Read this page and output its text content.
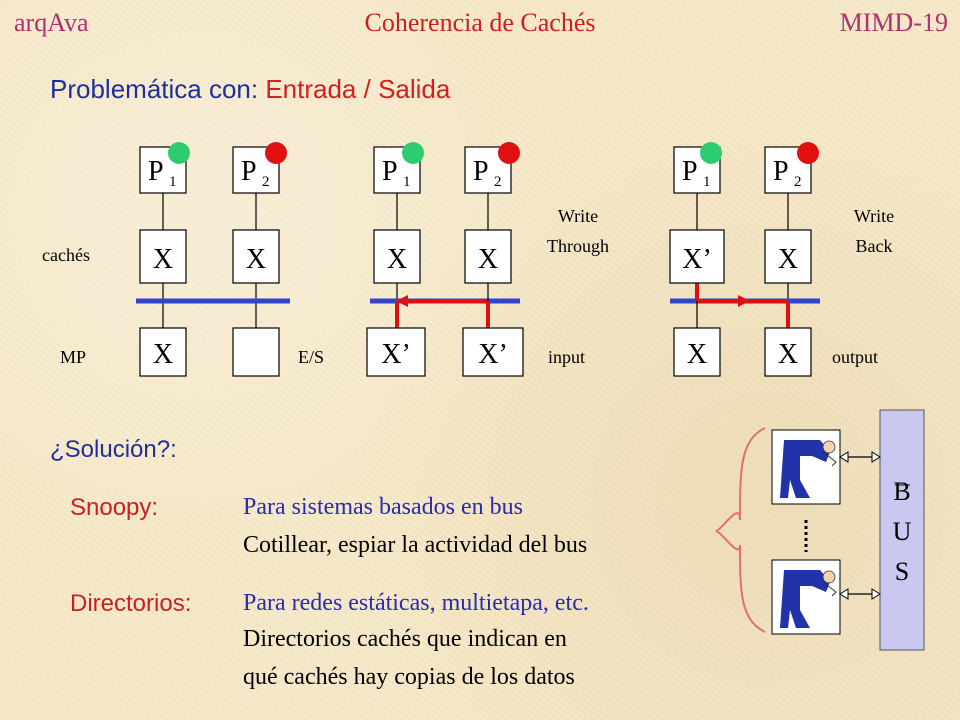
arqAva	Coherencia de Cachés	MIMD-19
Problemática con: Entrada / Salida
cachés
MP	E/S
P 1 P 2
X	X
X
P 1 P 2
X	X
X’ X’
Write
Through
input
P 1 P 2
X’ X
X	X
Write
Back
output
B
U
S
¿Solución?:
Snoopy:	Para sistemas basados en bus
Cotillear, espiar la actividad del bus
Directorios: Para redes estáticas, multietapa, etc.
Directorios cachés que indican en
qué cachés hay copias de los datos
